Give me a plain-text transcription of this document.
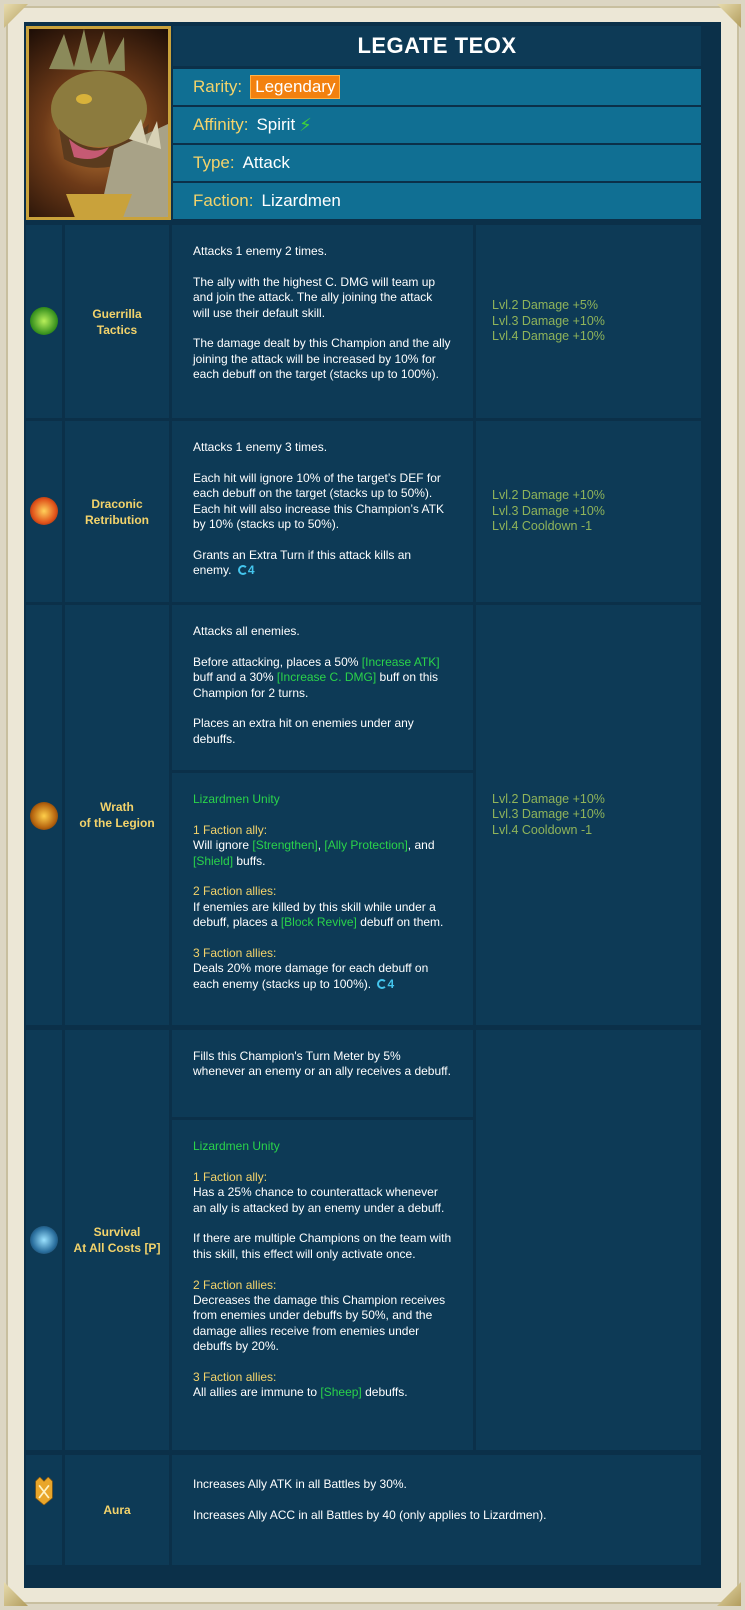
LEGATE TEOX
Rarity: Legendary
Affinity: Spirit ⚡
Type: Attack
Faction: Lizardmen
Guerrilla
Tactics
Attacks 1 enemy 2 times.
The ally with the highest C. DMG will team up and join the attack. The ally joining the attack will use their default skill.
The damage dealt by this Champion and the ally joining the attack will be increased by 10% for each debuff on the target (stacks up to 100%).
Lvl.2 Damage +5%
Lvl.3 Damage +10%
Lvl.4 Damage +10%
Draconic
Retribution
Attacks 1 enemy 3 times.
Each hit will ignore 10% of the target’s DEF for each debuff on the target (stacks up to 50%). Each hit will also increase this Champion’s ATK by 10% (stacks up to 50%).
Grants an Extra Turn if this attack kills an enemy. 4
Lvl.2 Damage +10%
Lvl.3 Damage +10%
Lvl.4 Cooldown -1
Wrath
of the Legion
Attacks all enemies.
Before attacking, places a 50% [Increase ATK] buff and a 30% [Increase C. DMG] buff on this Champion for 2 turns.
Places an extra hit on enemies under any debuffs.
Lizardmen Unity
1 Faction ally:
Will ignore [Strengthen], [Ally Protection], and [Shield] buffs.
2 Faction allies:
If enemies are killed by this skill while under a debuff, places a [Block Revive] debuff on them.
3 Faction allies:
Deals 20% more damage for each debuff on each enemy (stacks up to 100%). 4
Lvl.2 Damage +10%
Lvl.3 Damage +10%
Lvl.4 Cooldown -1
Survival
At All Costs [P]
Fills this Champion's Turn Meter by 5% whenever an enemy or an ally receives a debuff.
Lizardmen Unity
1 Faction ally:
Has a 25% chance to counterattack whenever an ally is attacked by an enemy under a debuff.
If there are multiple Champions on the team with this skill, this effect will only activate once.
2 Faction allies:
Decreases the damage this Champion receives from enemies under debuffs by 50%, and the damage allies receive from enemies under debuffs by 20%.
3 Faction allies:
All allies are immune to [Sheep] debuffs.
Aura
Increases Ally ATK in all Battles by 30%.
Increases Ally ACC in all Battles by 40 (only applies to Lizardmen).
